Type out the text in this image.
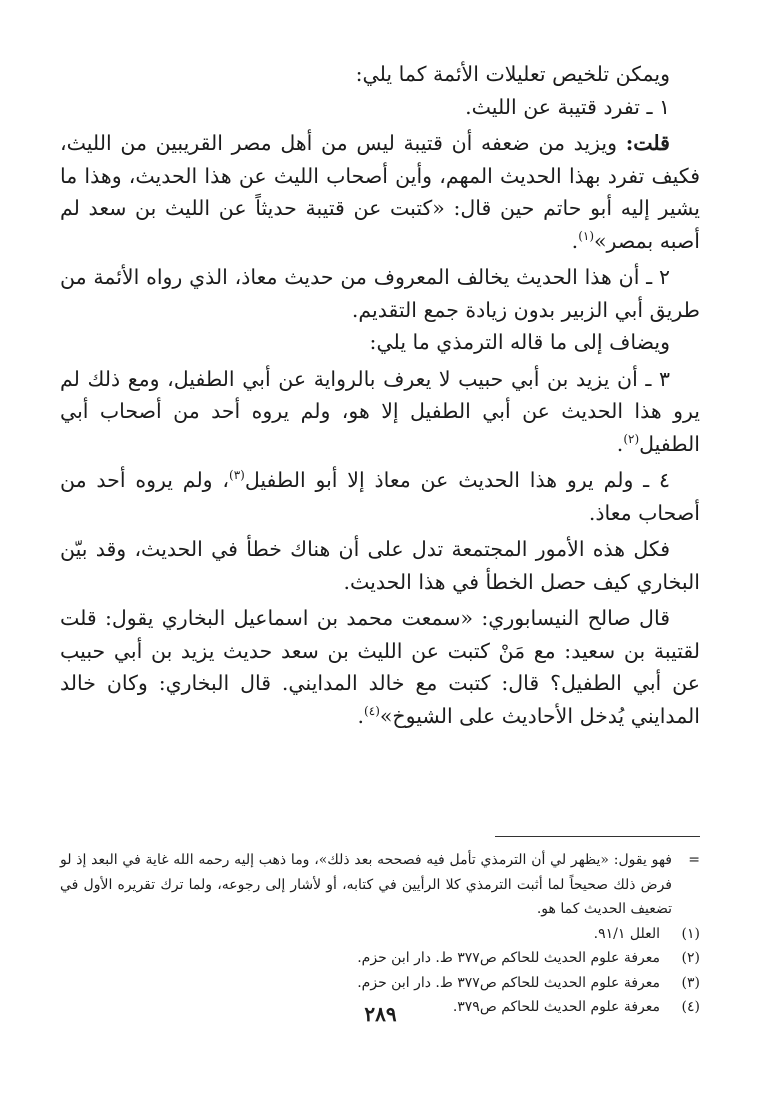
ويمكن تلخيص تعليلات الأئمة كما يلي:

١ ـ تفرد قتيبة عن الليث.

قلت: ويزيد من ضعفه أن قتيبة ليس من أهل مصر القريبين من الليث، فكيف تفرد بهذا الحديث المهم، وأين أصحاب الليث عن هذا الحديث، وهذا ما يشير إليه أبو حاتم حين قال: «كتبت عن قتيبة حديثاً عن الليث بن سعد لم أصبه بمصر»$^{(١)}$.

٢ ـ أن هذا الحديث يخالف المعروف من حديث معاذ، الذي رواه الأئمة من طريق أبي الزبير بدون زيادة جمع التقديم.

ويضاف إلى ما قاله الترمذي ما يلي:

٣ ـ أن يزيد بن أبي حبيب لا يعرف بالرواية عن أبي الطفيل، ومع ذلك لم يرو هذا الحديث عن أبي الطفيل إلا هو، ولم يروه أحد من أصحاب أبي الطفيل$^{(٢)}$.

٤ ـ ولم يرو هذا الحديث عن معاذ إلا أبو الطفيل$^{(٣)}$، ولم يروه أحد من أصحاب معاذ.

فكل هذه الأمور المجتمعة تدل على أن هناك خطأ في الحديث، وقد بيّن البخاري كيف حصل الخطأ في هذا الحديث.

قال صالح النيسابوري: «سمعت محمد بن اسماعيل البخاري يقول: قلت لقتيبة بن سعيد: مع مَنْ كتبت عن الليث بن سعد حديث يزيد بن أبي حبيب عن أبي الطفيل؟ قال: كتبت مع خالد المدايني. قال البخاري: وكان خالد المدايني يُدخل الأحاديث على الشيوخ»$^{(٤)}$.

=
فهو يقول: «يظهر لي أن الترمذي تأمل فيه فصححه بعد ذلك»، وما ذهب إليه رحمه الله غاية في البعد إذ لو فرض ذلك صحيحاً لما أثبت الترمذي كلا الرأيين في كتابه، أو لأشار إلى رجوعه، ولما ترك تقريره الأول في تضعيف الحديث كما هو.

(١)العلل ٩١/١.

(٢)معرفة علوم الحديث للحاكم ص٣٧٧ ط. دار ابن حزم.

(٣)معرفة علوم الحديث للحاكم ص٣٧٧ ط. دار ابن حزم.

(٤)معرفة علوم الحديث للحاكم ص٣٧٩.

٢٨٩
